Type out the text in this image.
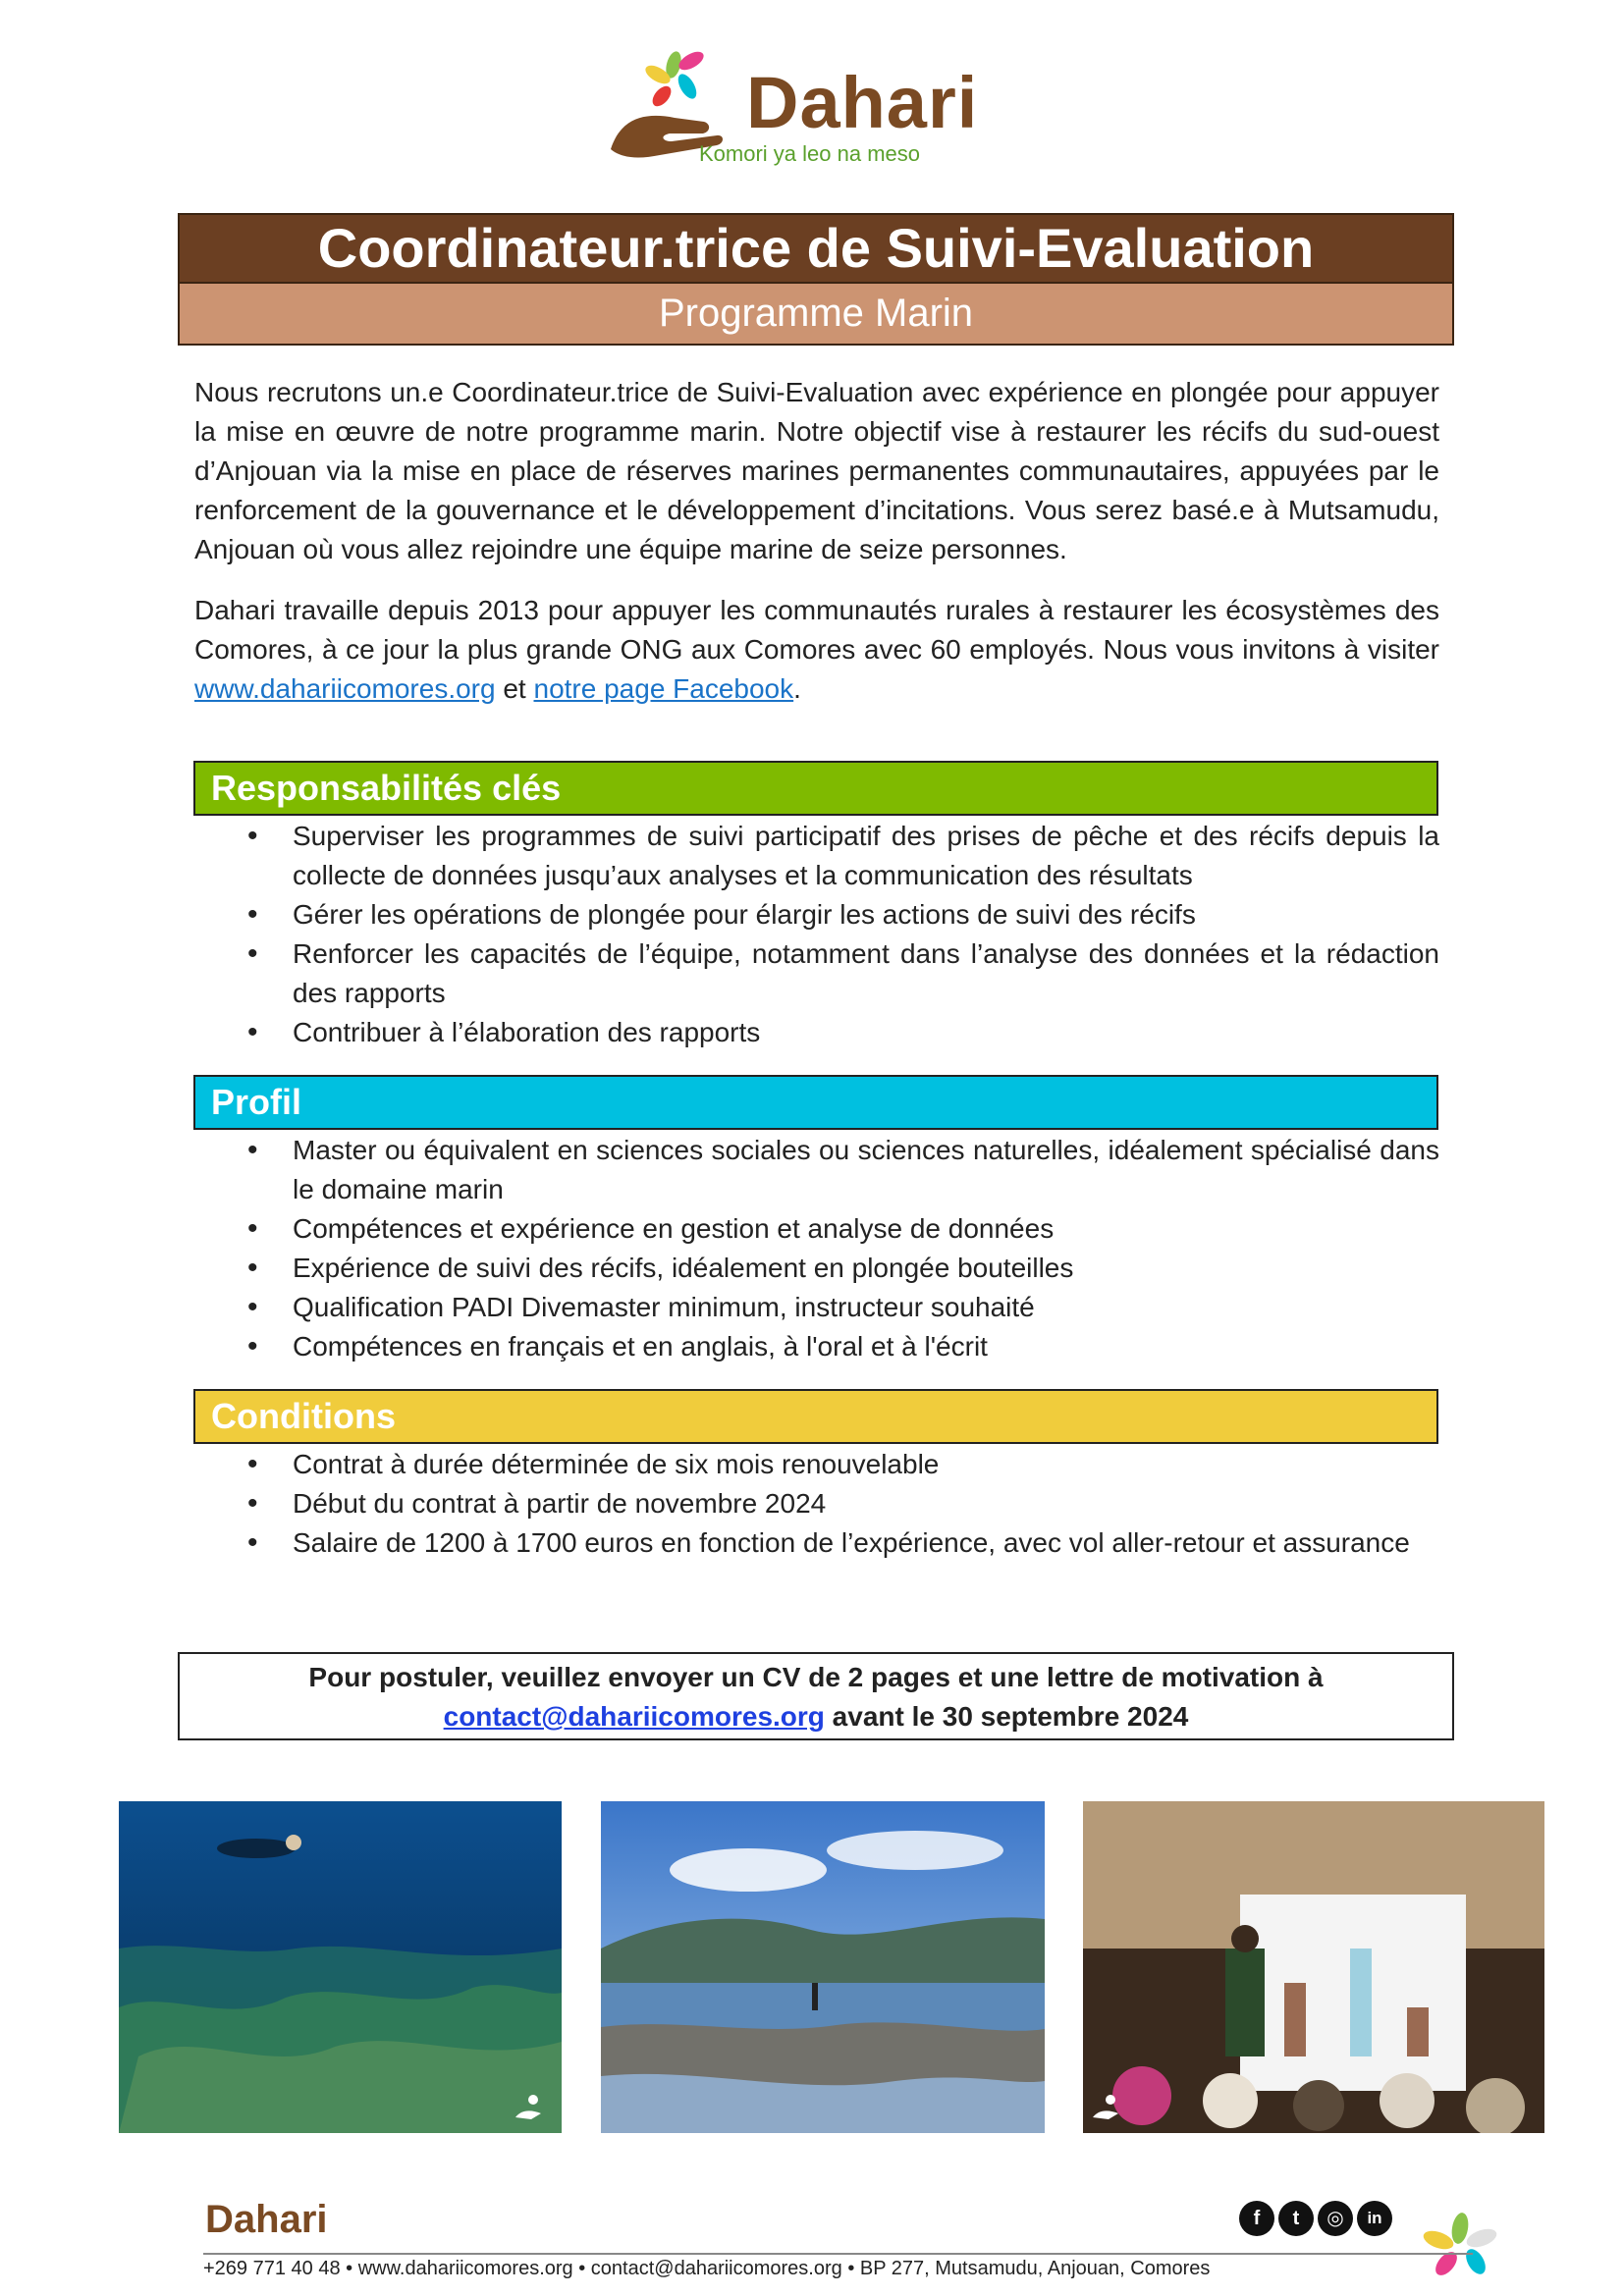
Dahari
Komori ya leo na meso
Coordinateur.trice de Suivi-Evaluation
Programme Marin

Nous recrutons un.e Coordinateur.trice de Suivi-Evaluation avec expérience en plongée pour appuyer la mise en œuvre de notre programme marin. Notre objectif vise à restaurer les récifs du sud-ouest d’Anjouan via la mise en place de réserves marines permanentes communautaires, appuyées par le renforcement de la gouvernance et le développement d’incitations. Vous serez basé.e à Mutsamudu, Anjouan où vous allez rejoindre une équipe marine de seize personnes.

Dahari travaille depuis 2013 pour appuyer les communautés rurales à restaurer les écosystèmes des Comores, à ce jour la plus grande ONG aux Comores avec 60 employés. Nous vous invitons à visiter www.dahariicomores.org et notre page Facebook.

Responsabilités clés
• Superviser les programmes de suivi participatif des prises de pêche et des récifs depuis la collecte de données jusqu’aux analyses et la communication des résultats
• Gérer les opérations de plongée pour élargir les actions de suivi des récifs
• Renforcer les capacités de l’équipe, notamment dans l’analyse des données et la rédaction des rapports
• Contribuer à l’élaboration des rapports
Profil
• Master ou équivalent en sciences sociales ou sciences naturelles, idéalement spécialisé dans le domaine marin
• Compétences et expérience en gestion et analyse de données
• Expérience de suivi des récifs, idéalement en plongée bouteilles
• Qualification PADI Divemaster minimum, instructeur souhaité
• Compétences en français et en anglais, à l'oral et à l'écrit
Conditions
• Contrat à durée déterminée de six mois renouvelable
• Début du contrat à partir de novembre 2024
• Salaire de 1200 à 1700 euros en fonction de l’expérience, avec vol aller-retour et assurance
Pour postuler, veuillez envoyer un CV de 2 pages et une lettre de motivation à
contact@dahariicomores.org avant le 30 septembre 2024
Dahari	f	t	◎	in
+269 771 40 48 • www.dahariicomores.org • contact@dahariicomores.org • BP 277, Mutsamudu, Anjouan, Comores
